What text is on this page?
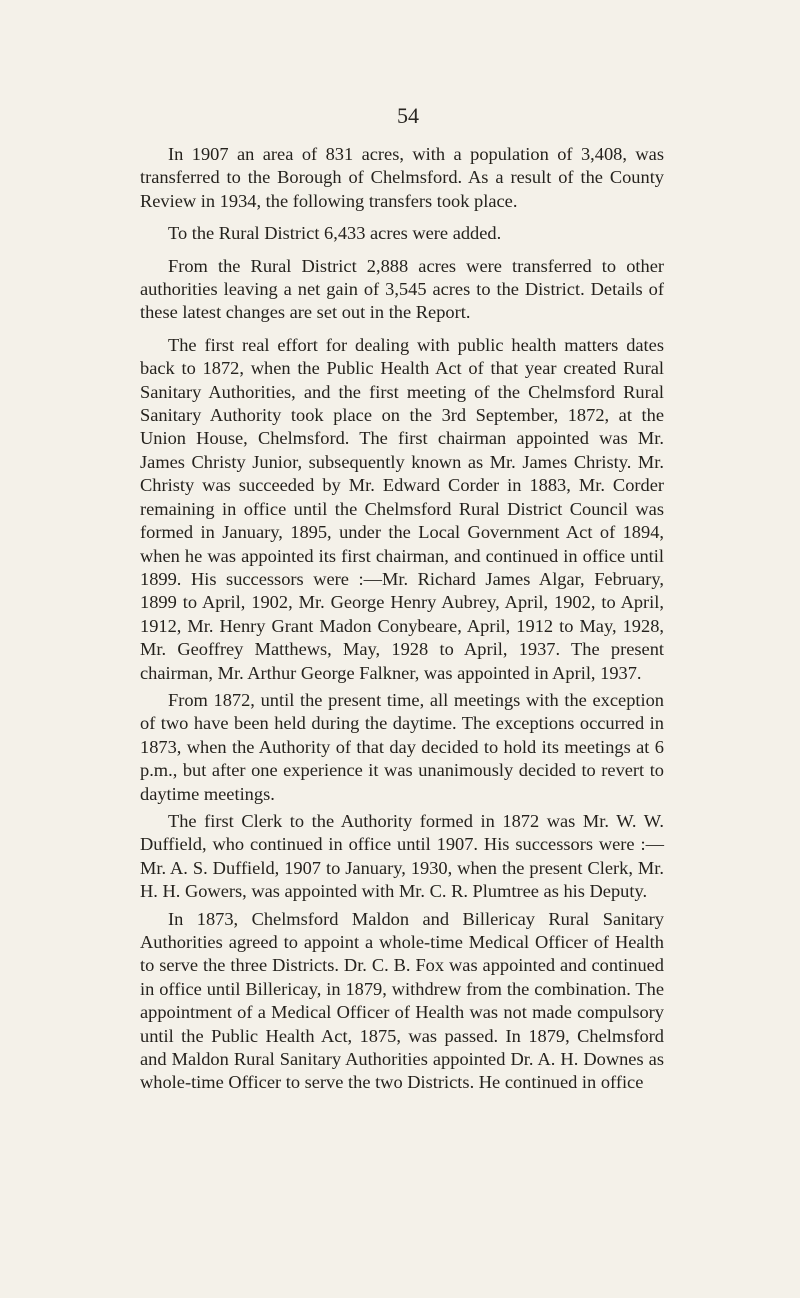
54

In 1907 an area of 831 acres, with a population of 3,408, was transferred to the Borough of Chelmsford. As a result of the County Review in 1934, the following transfers took place.

To the Rural District 6,433 acres were added.

From the Rural District 2,888 acres were transferred to other authorities leaving a net gain of 3,545 acres to the District. Details of these latest changes are set out in the Report.

The first real effort for dealing with public health matters dates back to 1872, when the Public Health Act of that year created Rural Sanitary Authorities, and the first meeting of the Chelmsford Rural Sanitary Authority took place on the 3rd September, 1872, at the Union House, Chelmsford. The first chairman appointed was Mr. James Christy Junior, subsequently known as Mr. James Christy. Mr. Christy was succeeded by Mr. Edward Corder in 1883, Mr. Corder remaining in office until the Chelmsford Rural District Council was formed in January, 1895, under the Local Government Act of 1894, when he was appointed its first chairman, and continued in office until 1899. His successors were :—Mr. Richard James Algar, February, 1899 to April, 1902, Mr. George Henry Aubrey, April, 1902, to April, 1912, Mr. Henry Grant Madon Conybeare, April, 1912 to May, 1928, Mr. Geoffrey Matthews, May, 1928 to April, 1937. The present chairman, Mr. Arthur George Falkner, was appointed in April, 1937.

From 1872, until the present time, all meetings with the exception of two have been held during the daytime. The exceptions occurred in 1873, when the Authority of that day decided to hold its meetings at 6 p.m., but after one experience it was unanimously decided to revert to daytime meetings.

The first Clerk to the Authority formed in 1872 was Mr. W. W. Duffield, who continued in office until 1907. His successors were :—Mr. A. S. Duffield, 1907 to January, 1930, when the present Clerk, Mr. H. H. Gowers, was appointed with Mr. C. R. Plumtree as his Deputy.

In 1873, Chelmsford Maldon and Billericay Rural Sanitary Authorities agreed to appoint a whole-time Medical Officer of Health to serve the three Districts. Dr. C. B. Fox was appointed and continued in office until Billericay, in 1879, withdrew from the combination. The appointment of a Medical Officer of Health was not made compulsory until the Public Health Act, 1875, was passed. In 1879, Chelmsford and Maldon Rural Sanitary Authorities appointed Dr. A. H. Downes as whole-time Officer to serve the two Districts. He continued in office
